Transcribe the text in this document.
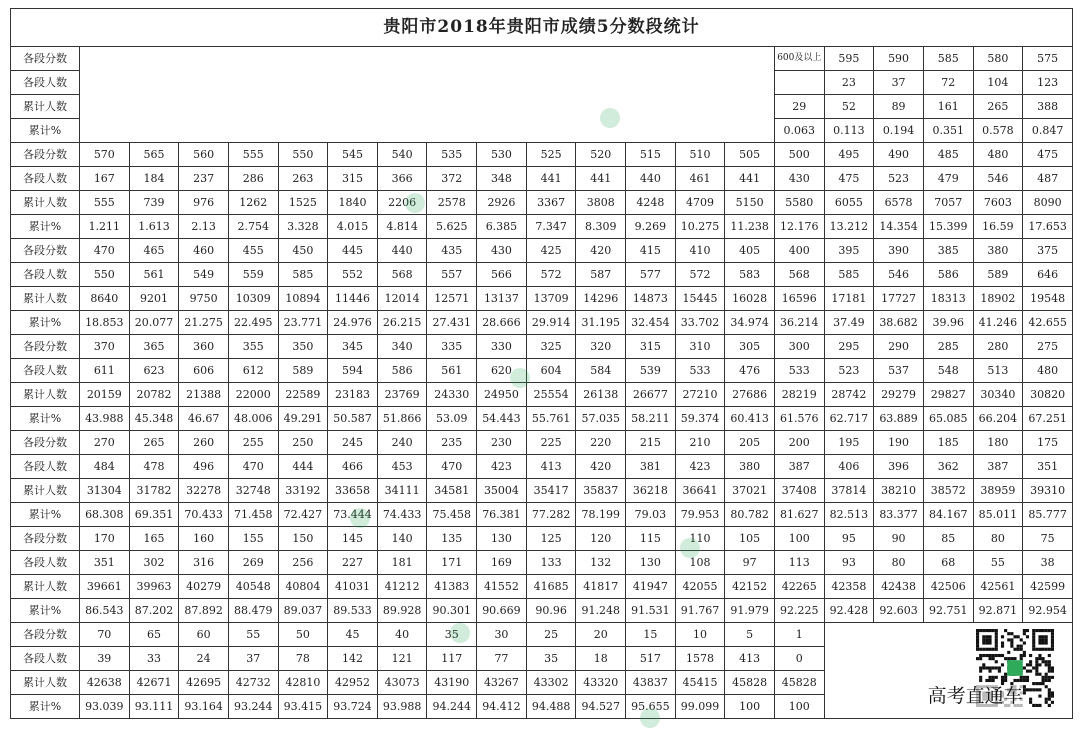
贵阳市2018年贵阳市成绩5分数段统计																				
各段分数															600及以上	595	590	585	580	575
各段人数																23	37	72	104	123
累计人数															29	52	89	161	265	388
累计%															0.063	0.113	0.194	0.351	0.578	0.847
各段分数	570	565	560	555	550	545	540	535	530	525	520	515	510	505	500	495	490	485	480	475
各段人数	167	184	237	286	263	315	366	372	348	441	441	440	461	441	430	475	523	479	546	487
累计人数	555	739	976	1262	1525	1840	2206	2578	2926	3367	3808	4248	4709	5150	5580	6055	6578	7057	7603	8090
累计%	1.211	1.613	2.13	2.754	3.328	4.015	4.814	5.625	6.385	7.347	8.309	9.269	10.275	11.238	12.176	13.212	14.354	15.399	16.59	17.653
各段分数	470	465	460	455	450	445	440	435	430	425	420	415	410	405	400	395	390	385	380	375
各段人数	550	561	549	559	585	552	568	557	566	572	587	577	572	583	568	585	546	586	589	646
累计人数	8640	9201	9750	10309	10894	11446	12014	12571	13137	13709	14296	14873	15445	16028	16596	17181	17727	18313	18902	19548
累计%	18.853	20.077	21.275	22.495	23.771	24.976	26.215	27.431	28.666	29.914	31.195	32.454	33.702	34.974	36.214	37.49	38.682	39.96	41.246	42.655
各段分数	370	365	360	355	350	345	340	335	330	325	320	315	310	305	300	295	290	285	280	275
各段人数	611	623	606	612	589	594	586	561	620	604	584	539	533	476	533	523	537	548	513	480
累计人数	20159	20782	21388	22000	22589	23183	23769	24330	24950	25554	26138	26677	27210	27686	28219	28742	29279	29827	30340	30820
累计%	43.988	45.348	46.67	48.006	49.291	50.587	51.866	53.09	54.443	55.761	57.035	58.211	59.374	60.413	61.576	62.717	63.889	65.085	66.204	67.251
各段分数	270	265	260	255	250	245	240	235	230	225	220	215	210	205	200	195	190	185	180	175
各段人数	484	478	496	470	444	466	453	470	423	413	420	381	423	380	387	406	396	362	387	351
累计人数	31304	31782	32278	32748	33192	33658	34111	34581	35004	35417	35837	36218	36641	37021	37408	37814	38210	38572	38959	39310
累计%	68.308	69.351	70.433	71.458	72.427	73.444	74.433	75.458	76.381	77.282	78.199	79.03	79.953	80.782	81.627	82.513	83.377	84.167	85.011	85.777
各段分数	170	165	160	155	150	145	140	135	130	125	120	115	110	105	100	95	90	85	80	75
各段人数	351	302	316	269	256	227	181	171	169	133	132	130	108	97	113	93	80	68	55	38
累计人数	39661	39963	40279	40548	40804	41031	41212	41383	41552	41685	41817	41947	42055	42152	42265	42358	42438	42506	42561	42599
累计%	86.543	87.202	87.892	88.479	89.037	89.533	89.928	90.301	90.669	90.96	91.248	91.531	91.767	91.979	92.225	92.428	92.603	92.751	92.871	92.954
各段分数	70	65	60	55	50	45	40	35	30	25	20	15	10	5	1	高考直通车				

各段人数	39	33	24	37	78	142	121	117	77	35	18	517	1578	413	0					
累计人数	42638	42671	42695	42732	42810	42952	43073	43190	43267	43302	43320	43837	45415	45828	45828					
累计%	93.039	93.111	93.164	93.244	93.415	93.724	93.988	94.244	94.412	94.488	94.527	95.655	99.099	100	100					
